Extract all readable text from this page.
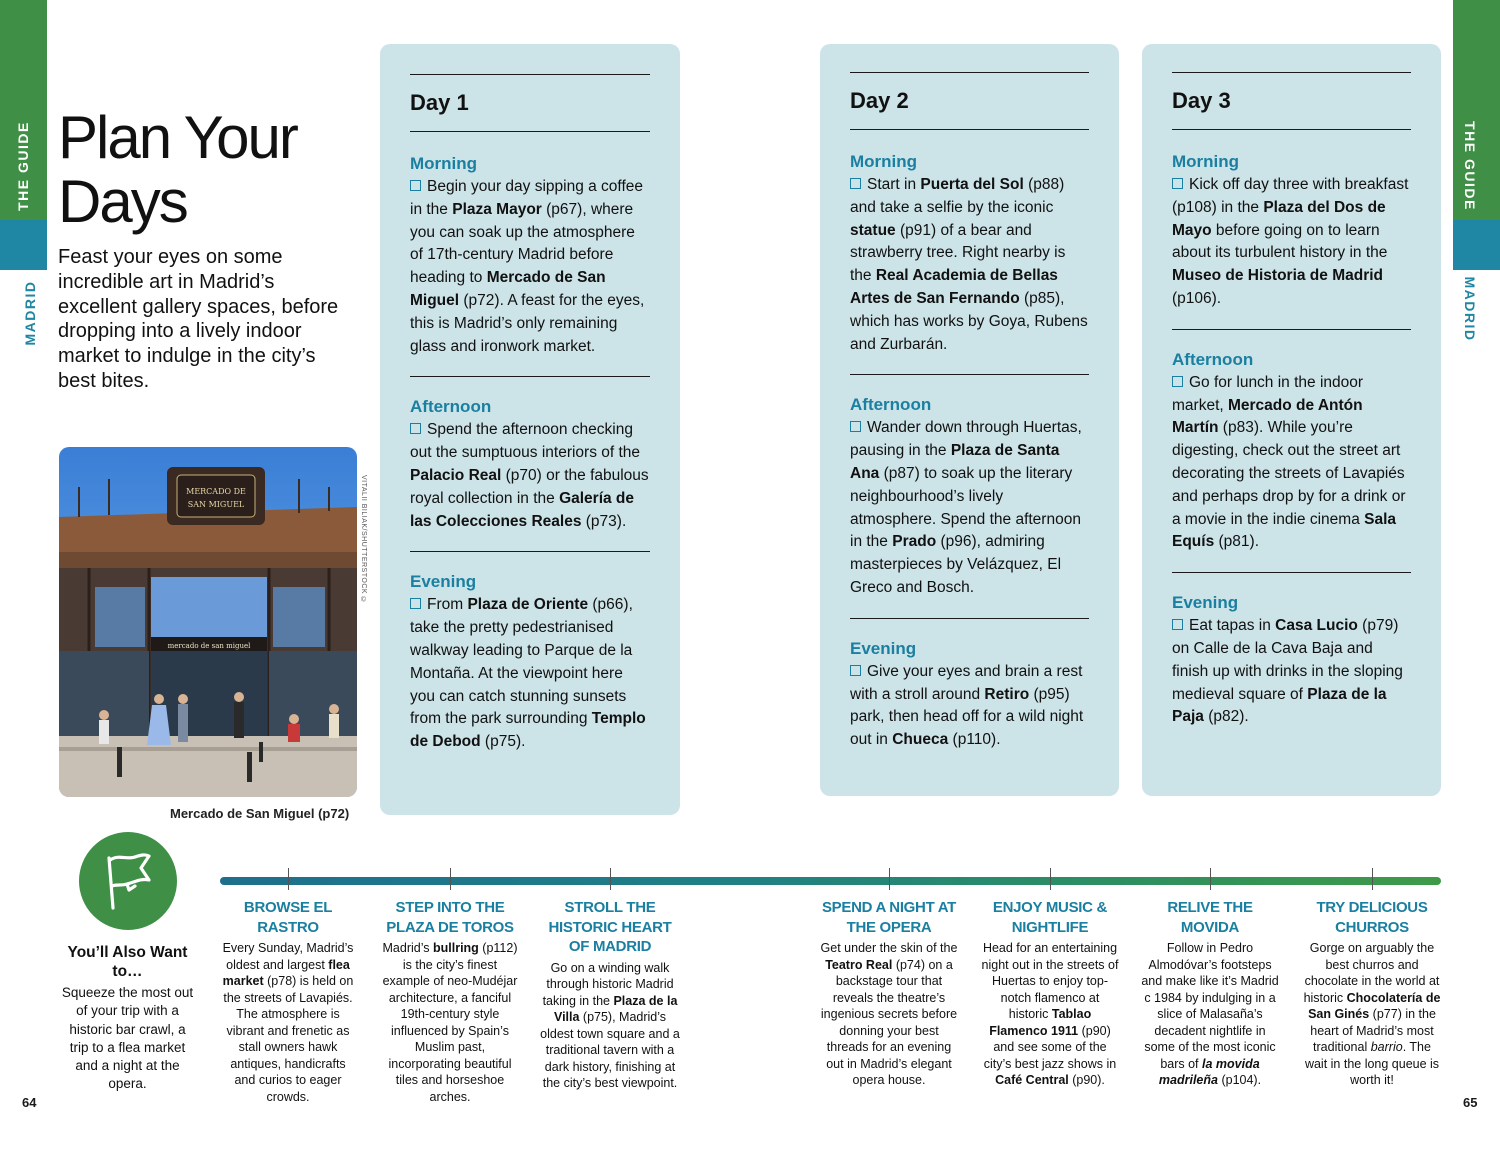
THE GUIDE
MADRID
THE GUIDE
MADRID
64	65
Plan Your
Days
Feast your eyes on some incredible art in Madrid’s excellent gallery spaces, before dropping into a lively indoor market to indulge in the city’s best bites.
MERCADO DE
SAN MIGUEL
mercado de san miguel
VITALII BILIAK/SHUTTERSTOCK ©
Mercado de San Miguel (p72)
Day 1
Morning
Begin your day sipping a coffee in the Plaza Mayor (p67), where you can soak up the atmosphere of 17th-century Madrid before heading to Mercado de San Miguel (p72). A feast for the eyes, this is Madrid’s only remaining glass and ironwork market.
Afternoon
Spend the afternoon checking out the sumptuous interiors of the Palacio Real (p70) or the fabulous royal collection in the Galería de las Colecciones Reales (p73).
Evening
From Plaza de Oriente (p66), take the pretty pedestrianised walkway leading to Parque de la Montaña. At the viewpoint here you can catch stunning sunsets from the park surrounding Templo de Debod (p75).
Day 2
Morning
Start in Puerta del Sol (p88) and take a selfie by the iconic statue (p91) of a bear and strawberry tree. Right nearby is the Real Academia de Bellas Artes de San Fernando (p85), which has works by Goya, Rubens and Zurbarán.
Afternoon
Wander down through Huertas, pausing in the Plaza de Santa Ana (p87) to soak up the literary neighbourhood’s lively atmosphere. Spend the afternoon in the Prado (p96), admiring masterpieces by Velázquez, El Greco and Bosch.
Evening
Give your eyes and brain a rest with a stroll around Retiro (p95) park, then head off for a wild night out in Chueca (p110).
Day 3
Morning
Kick off day three with breakfast (p108) in the Plaza del Dos de Mayo before going on to learn about its turbulent history in the Museo de Historia de Madrid (p106).
Afternoon
Go for lunch in the indoor market, Mercado de Antón Martín (p83). While you’re digesting, check out the street art decorating the streets of Lavapiés and perhaps drop by for a drink or a movie in the indie cinema Sala Equís (p81).
Evening
Eat tapas in Casa Lucio (p79) on Calle de la Cava Baja and finish up with drinks in the sloping medieval square of Plaza de la Paja (p82).
You’ll Also Want to…
Squeeze the most out of your trip with a historic bar crawl, a trip to a flea market and a night at the opera.
BROWSE EL RASTRO
Every Sunday, Madrid’s oldest and largest flea market (p78) is held on the streets of Lavapiés. The atmosphere is vibrant and frenetic as stall owners hawk antiques, handicrafts and curios to eager crowds.
STEP INTO THE PLAZA DE TOROS
Madrid’s bullring (p112) is the city’s finest example of neo-Mudéjar architecture, a fanciful 19th-century style influenced by Spain’s Muslim past, incorporating beautiful tiles and horseshoe arches.
STROLL THE HISTORIC HEART OF MADRID
Go on a winding walk through historic Madrid taking in the Plaza de la Villa (p75), Madrid’s oldest town square and a traditional tavern with a dark history, finishing at the city’s best viewpoint.
SPEND A NIGHT AT THE OPERA
Get under the skin of the Teatro Real (p74) on a backstage tour that reveals the theatre’s ingenious secrets before donning your best threads for an evening out in Madrid’s elegant opera house.
ENJOY MUSIC & NIGHTLIFE
Head for an entertaining night out in the streets of Huertas to enjoy top-notch flamenco at historic Tablao Flamenco 1911 (p90) and see some of the city’s best jazz shows in Café Central (p90).
RELIVE THE MOVIDA
Follow in Pedro Almodóvar’s footsteps and make like it’s Madrid c 1984 by indulging in a slice of Malasaña’s decadent nightlife in some of the most iconic bars of la movida madrileña (p104).
TRY DELICIOUS CHURROS
Gorge on arguably the best churros and chocolate in the world at historic Chocolatería de San Ginés (p77) in the heart of Madrid’s most traditional barrio. The wait in the long queue is worth it!
